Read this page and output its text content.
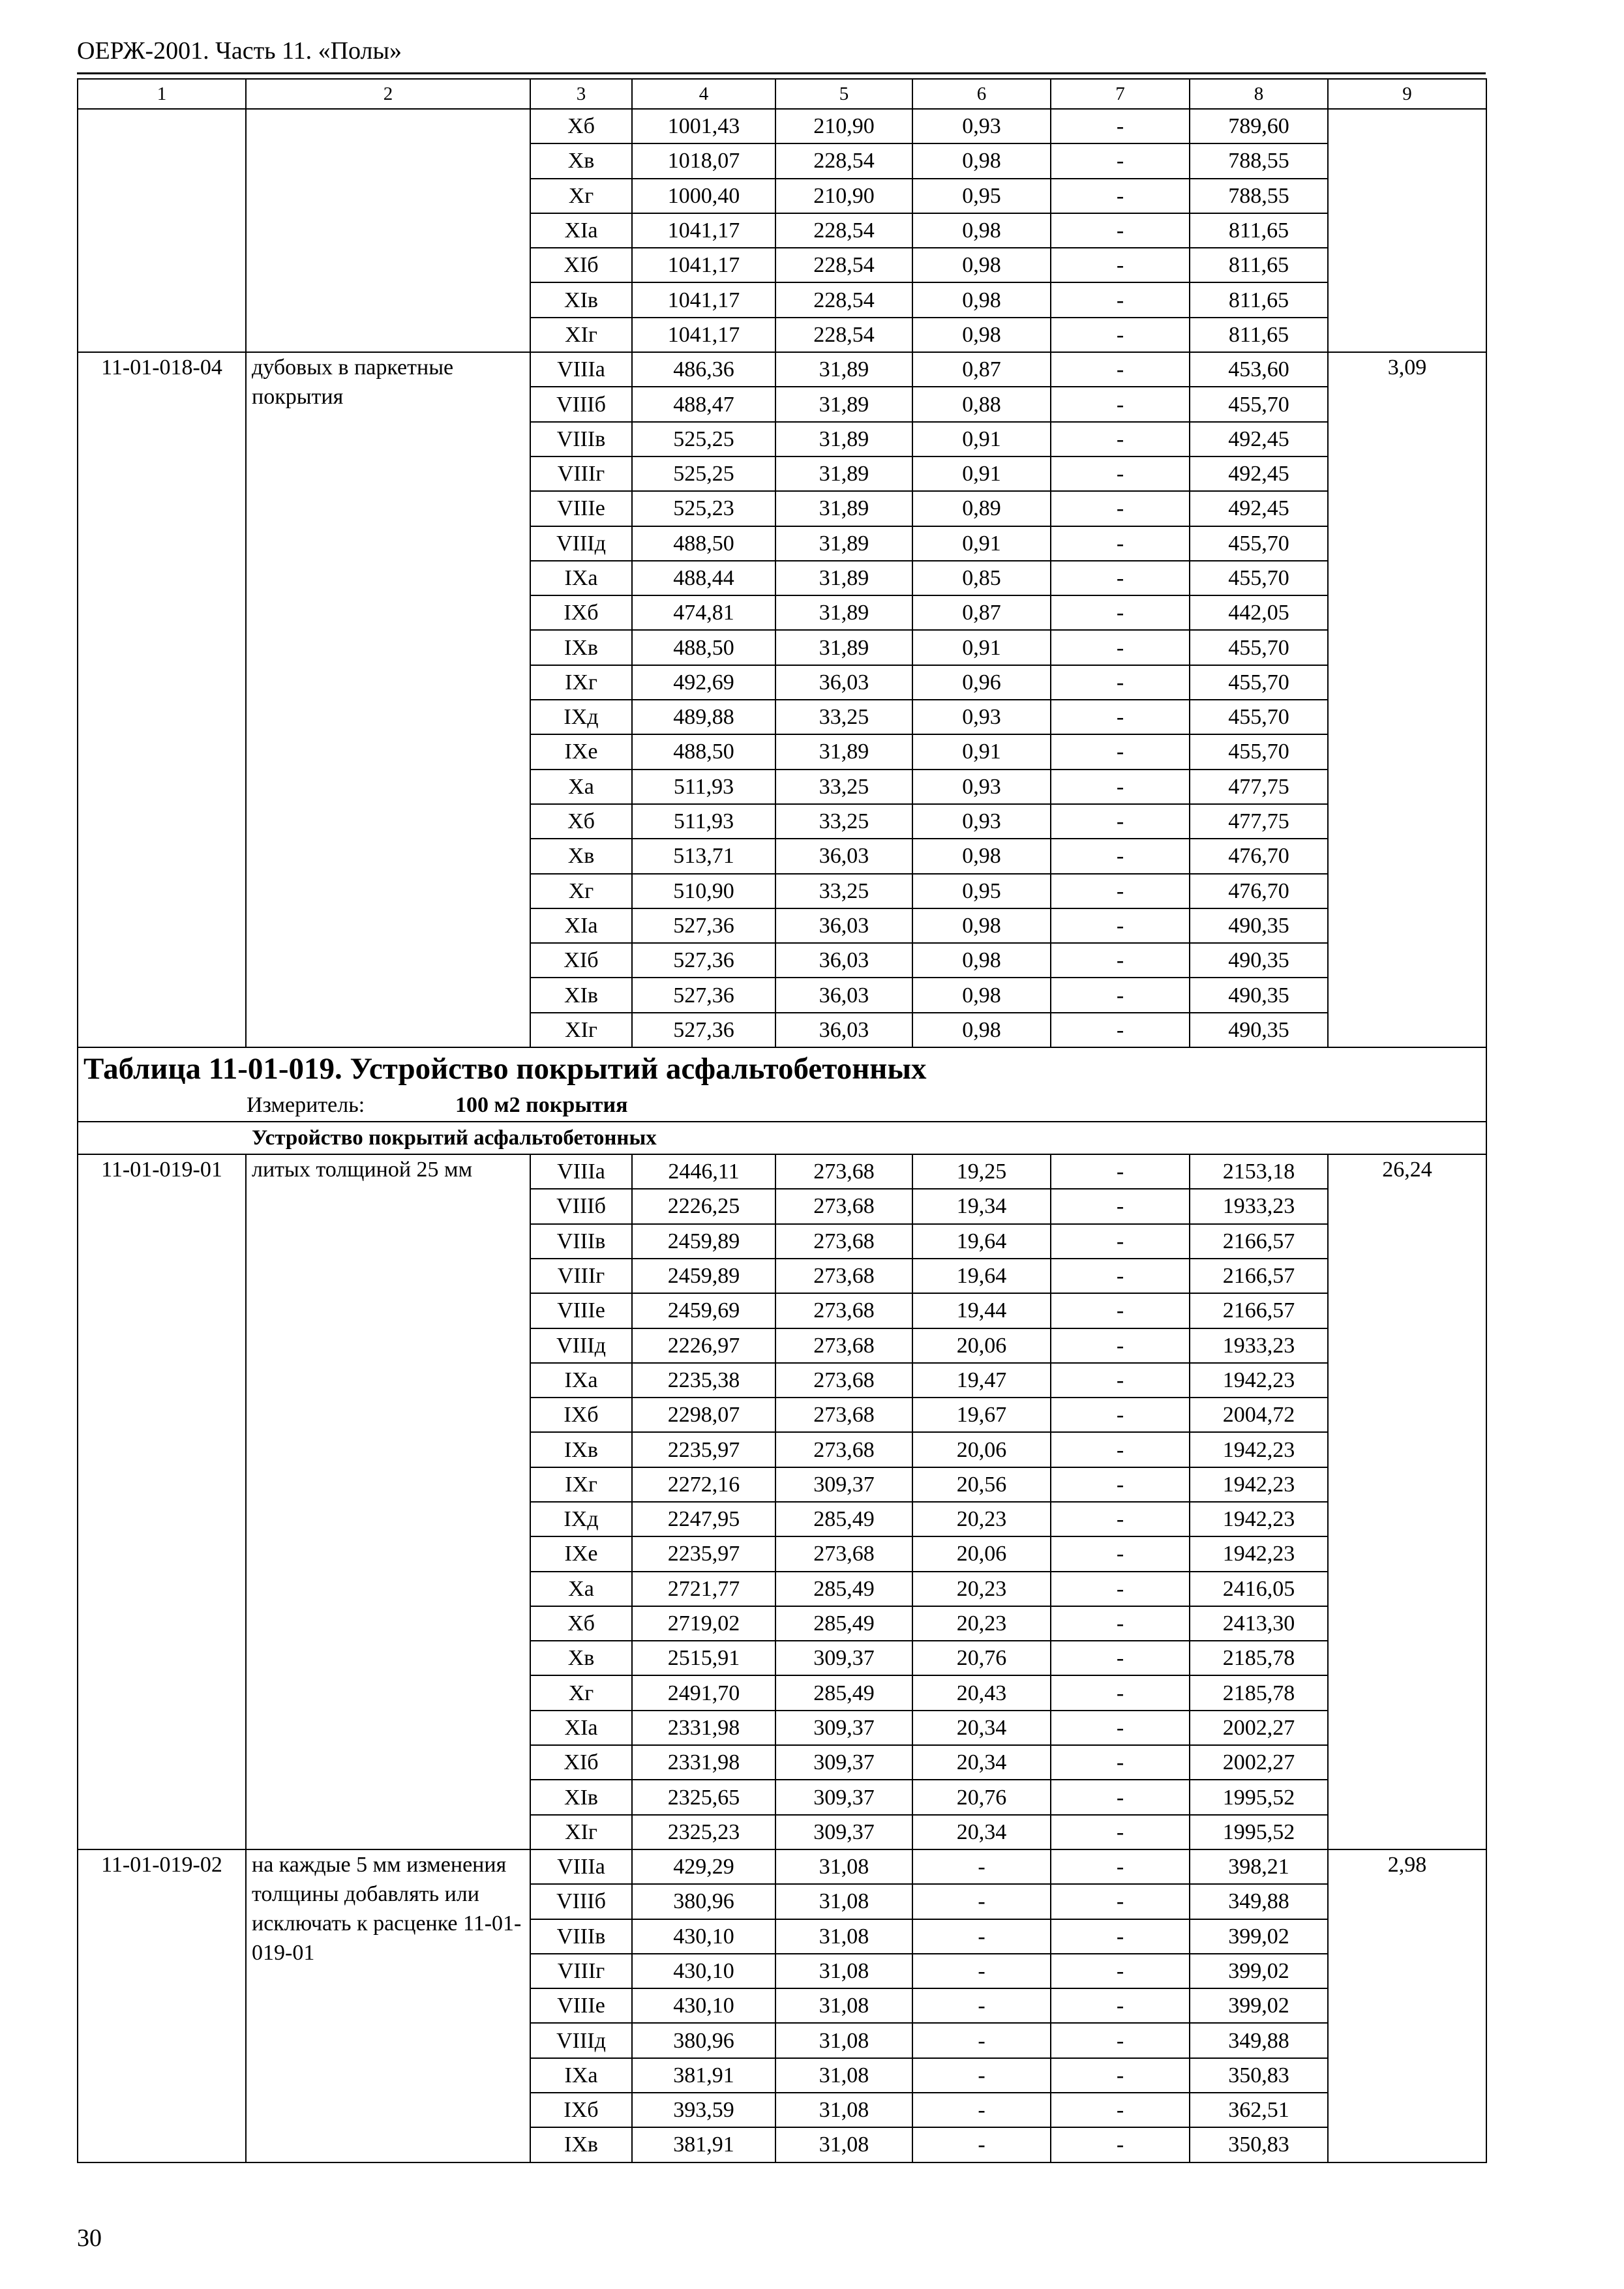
ОЕРЖ-2001. Часть 11. «Полы»
1	2	3	4	5	6	7	8	9
		Xб	1001,43	210,90	0,93	-	789,60	
		Xв	1018,07	228,54	0,98	-	788,55	
		Xг	1000,40	210,90	0,95	-	788,55	
		XIа	1041,17	228,54	0,98	-	811,65	
		XIб	1041,17	228,54	0,98	-	811,65	
		XIв	1041,17	228,54	0,98	-	811,65	
		XIг	1041,17	228,54	0,98	-	811,65	
11-01-018-04	дубовых в паркетные покрытия	VIIIа	486,36	31,89	0,87	-	453,60	3,09
		VIIIб	488,47	31,89	0,88	-	455,70	
		VIIIв	525,25	31,89	0,91	-	492,45	
		VIIIг	525,25	31,89	0,91	-	492,45	
		VIIIе	525,23	31,89	0,89	-	492,45	
		VIIIд	488,50	31,89	0,91	-	455,70	
		IXа	488,44	31,89	0,85	-	455,70	
		IXб	474,81	31,89	0,87	-	442,05	
		IXв	488,50	31,89	0,91	-	455,70	
		IXг	492,69	36,03	0,96	-	455,70	
		IXд	489,88	33,25	0,93	-	455,70	
		IXе	488,50	31,89	0,91	-	455,70	
		Xа	511,93	33,25	0,93	-	477,75	
		Xб	511,93	33,25	0,93	-	477,75	
		Xв	513,71	36,03	0,98	-	476,70	
		Xг	510,90	33,25	0,95	-	476,70	
		XIа	527,36	36,03	0,98	-	490,35	
		XIб	527,36	36,03	0,98	-	490,35	
		XIв	527,36	36,03	0,98	-	490,35	
		XIг	527,36	36,03	0,98	-	490,35	
Таблица 11-01-019. Устройство покрытий асфальтобетонных								
Измеритель: 100 м2 покрытия								
Устройство покрытий асфальтобетонных								
11-01-019-01	литых толщиной 25 мм	VIIIа	2446,11	273,68	19,25	-	2153,18	26,24
		VIIIб	2226,25	273,68	19,34	-	1933,23	
		VIIIв	2459,89	273,68	19,64	-	2166,57	
		VIIIг	2459,89	273,68	19,64	-	2166,57	
		VIIIе	2459,69	273,68	19,44	-	2166,57	
		VIIIд	2226,97	273,68	20,06	-	1933,23	
		IXа	2235,38	273,68	19,47	-	1942,23	
		IXб	2298,07	273,68	19,67	-	2004,72	
		IXв	2235,97	273,68	20,06	-	1942,23	
		IXг	2272,16	309,37	20,56	-	1942,23	
		IXд	2247,95	285,49	20,23	-	1942,23	
		IXе	2235,97	273,68	20,06	-	1942,23	
		Xа	2721,77	285,49	20,23	-	2416,05	
		Xб	2719,02	285,49	20,23	-	2413,30	
		Xв	2515,91	309,37	20,76	-	2185,78	
		Xг	2491,70	285,49	20,43	-	2185,78	
		XIа	2331,98	309,37	20,34	-	2002,27	
		XIб	2331,98	309,37	20,34	-	2002,27	
		XIв	2325,65	309,37	20,76	-	1995,52	
		XIг	2325,23	309,37	20,34	-	1995,52	
11-01-019-02	на каждые 5 мм изменения толщины добавлять или исключать к расценке 11-01-019-01	VIIIа	429,29	31,08	-	-	398,21	2,98
		VIIIб	380,96	31,08	-	-	349,88	
		VIIIв	430,10	31,08	-	-	399,02	
		VIIIг	430,10	31,08	-	-	399,02	
		VIIIе	430,10	31,08	-	-	399,02	
		VIIIд	380,96	31,08	-	-	349,88	
		IXа	381,91	31,08	-	-	350,83	
		IXб	393,59	31,08	-	-	362,51	
		IXв	381,91	31,08	-	-	350,83	
30
